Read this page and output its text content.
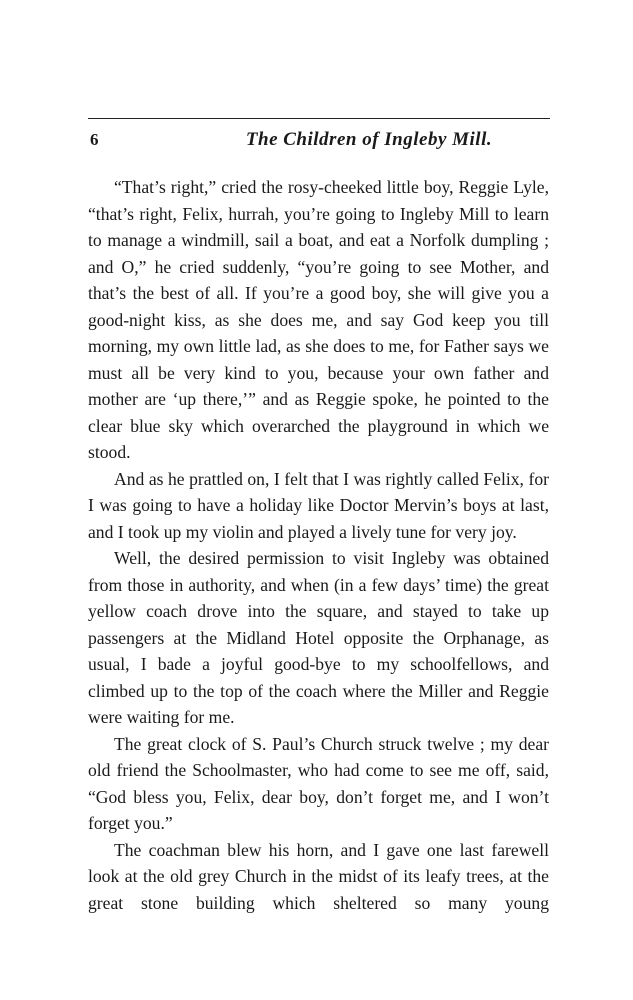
6	The Children of Ingleby Mill.

“That’s right,” cried the rosy-cheeked little boy, Reggie Lyle, “that’s right, Felix, hurrah, you’re going to Ingleby Mill to learn to manage a windmill, sail a boat, and eat a Norfolk dumpling ; and O,” he cried suddenly, “you’re going to see Mother, and that’s the best of all. If you’re a good boy, she will give you a good-night kiss, as she does me, and say God keep you till morning, my own little lad, as she does to me, for Father says we must all be very kind to you, because your own father and mother are ‘up there,’” and as Reggie spoke, he pointed to the clear blue sky which overarched the playground in which we stood.

And as he prattled on, I felt that I was rightly called Felix, for I was going to have a holiday like Doctor Mervin’s boys at last, and I took up my violin and played a lively tune for very joy.

Well, the desired permission to visit Ingleby was obtained from those in authority, and when (in a few days’ time) the great yellow coach drove into the square, and stayed to take up passengers at the Midland Hotel opposite the Orphanage, as usual, I bade a joyful good-bye to my schoolfellows, and climbed up to the top of the coach where the Miller and Reggie were waiting for me.

The great clock of S. Paul’s Church struck twelve ; my dear old friend the Schoolmaster, who had come to see me off, said, “God bless you, Felix, dear boy, don’t forget me, and I won’t forget you.”

The coachman blew his horn, and I gave one last farewell look at the old grey Church in the midst of its leafy trees, at the great stone building which sheltered so many young
